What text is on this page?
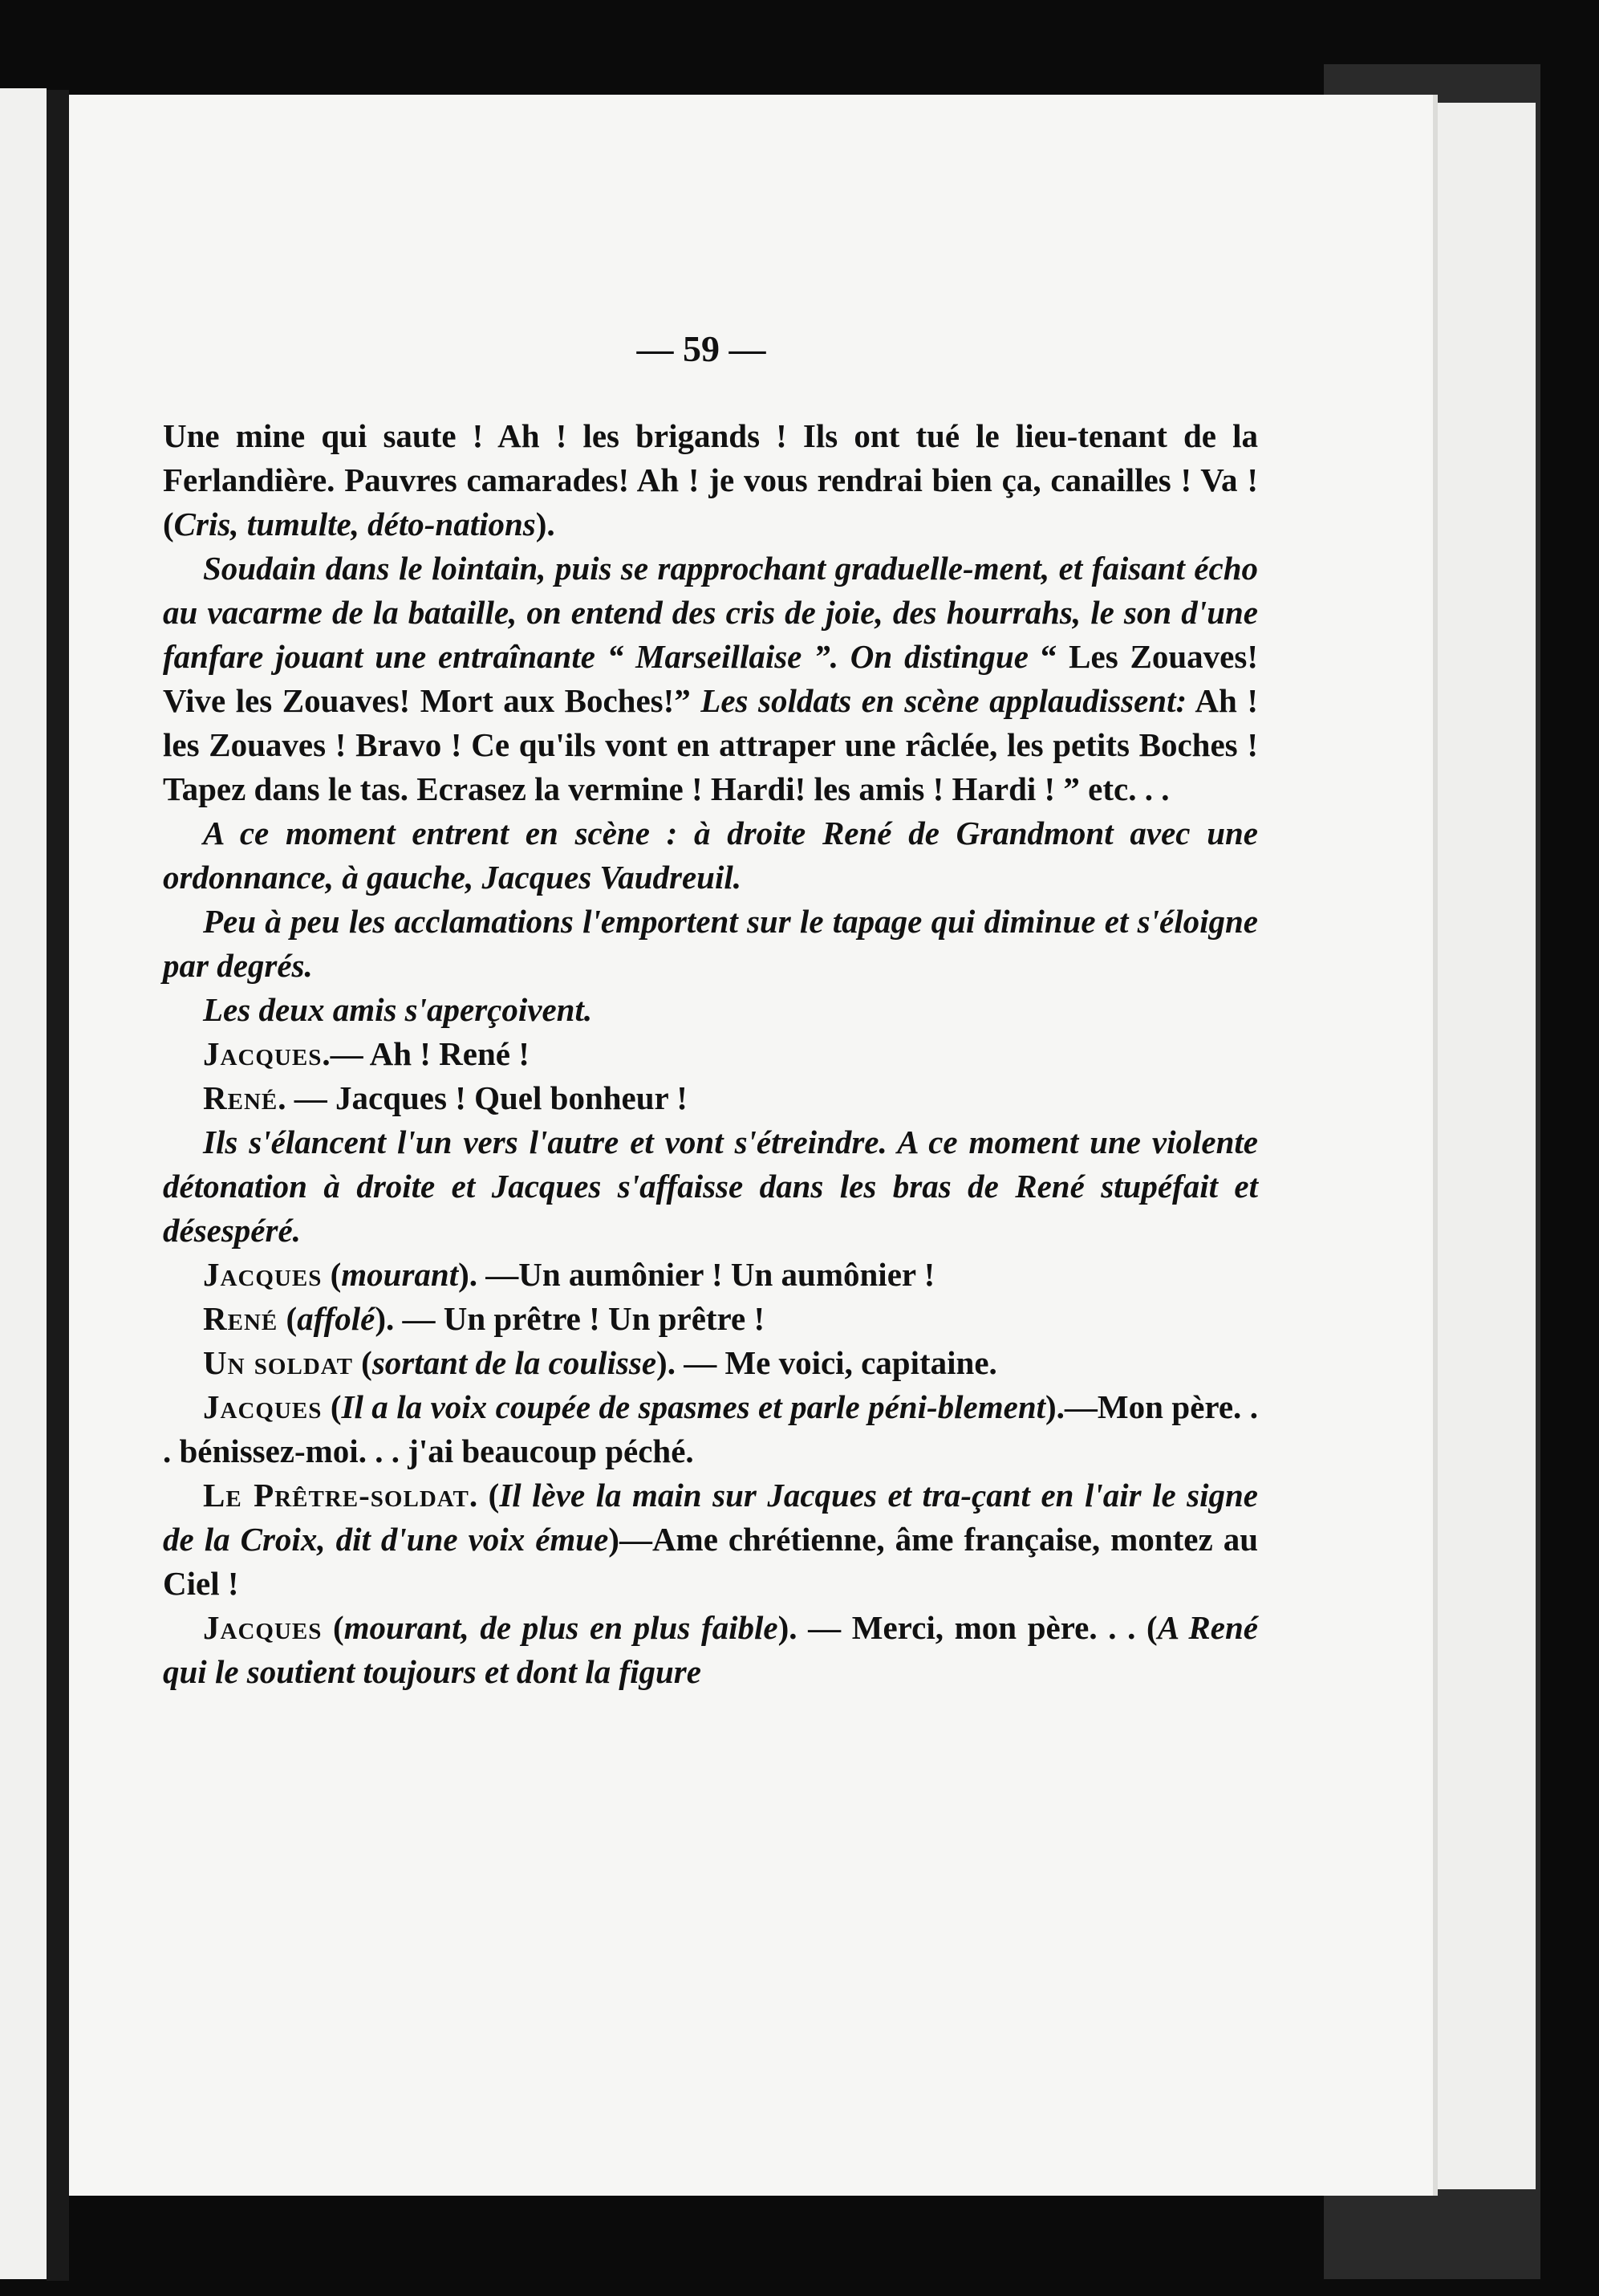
— 59 —

Une mine qui saute ! Ah ! les brigands ! Ils ont tué le lieu-tenant de la Ferlandière. Pauvres camarades! Ah ! je vous rendrai bien ça, canailles ! Va ! (Cris, tumulte, déto-nations).

Soudain dans le lointain, puis se rapprochant graduelle-ment, et faisant écho au vacarme de la bataille, on entend des cris de joie, des hourrahs, le son d'une fanfare jouant une entraînante “ Marseillaise ”. On distingue “ Les Zouaves! Vive les Zouaves! Mort aux Boches!” Les soldats en scène applaudissent: Ah ! les Zouaves ! Bravo ! Ce qu'ils vont en attraper une râclée, les petits Boches ! Tapez dans le tas. Ecrasez la vermine ! Hardi! les amis ! Hardi ! ” etc. . .

A ce moment entrent en scène : à droite René de Grandmont avec une ordonnance, à gauche, Jacques Vaudreuil.

Peu à peu les acclamations l'emportent sur le tapage qui diminue et s'éloigne par degrés.

Les deux amis s'aperçoivent.

Jacques.— Ah ! René !

René. — Jacques ! Quel bonheur !

Ils s'élancent l'un vers l'autre et vont s'étreindre. A ce moment une violente détonation à droite et Jacques s'affaisse dans les bras de René stupéfait et désespéré.

Jacques (mourant). —Un aumônier ! Un aumônier !

René (affolé). — Un prêtre ! Un prêtre !

Un soldat (sortant de la coulisse). — Me voici, capitaine.

Jacques (Il a la voix coupée de spasmes et parle péni-blement).—Mon père. . . bénissez-moi. . . j'ai beaucoup péché.

Le Prêtre-soldat. (Il lève la main sur Jacques et tra-çant en l'air le signe de la Croix, dit d'une voix émue)—Ame chrétienne, âme française, montez au Ciel !

Jacques (mourant, de plus en plus faible). — Merci, mon père. . . (A René qui le soutient toujours et dont la figure
